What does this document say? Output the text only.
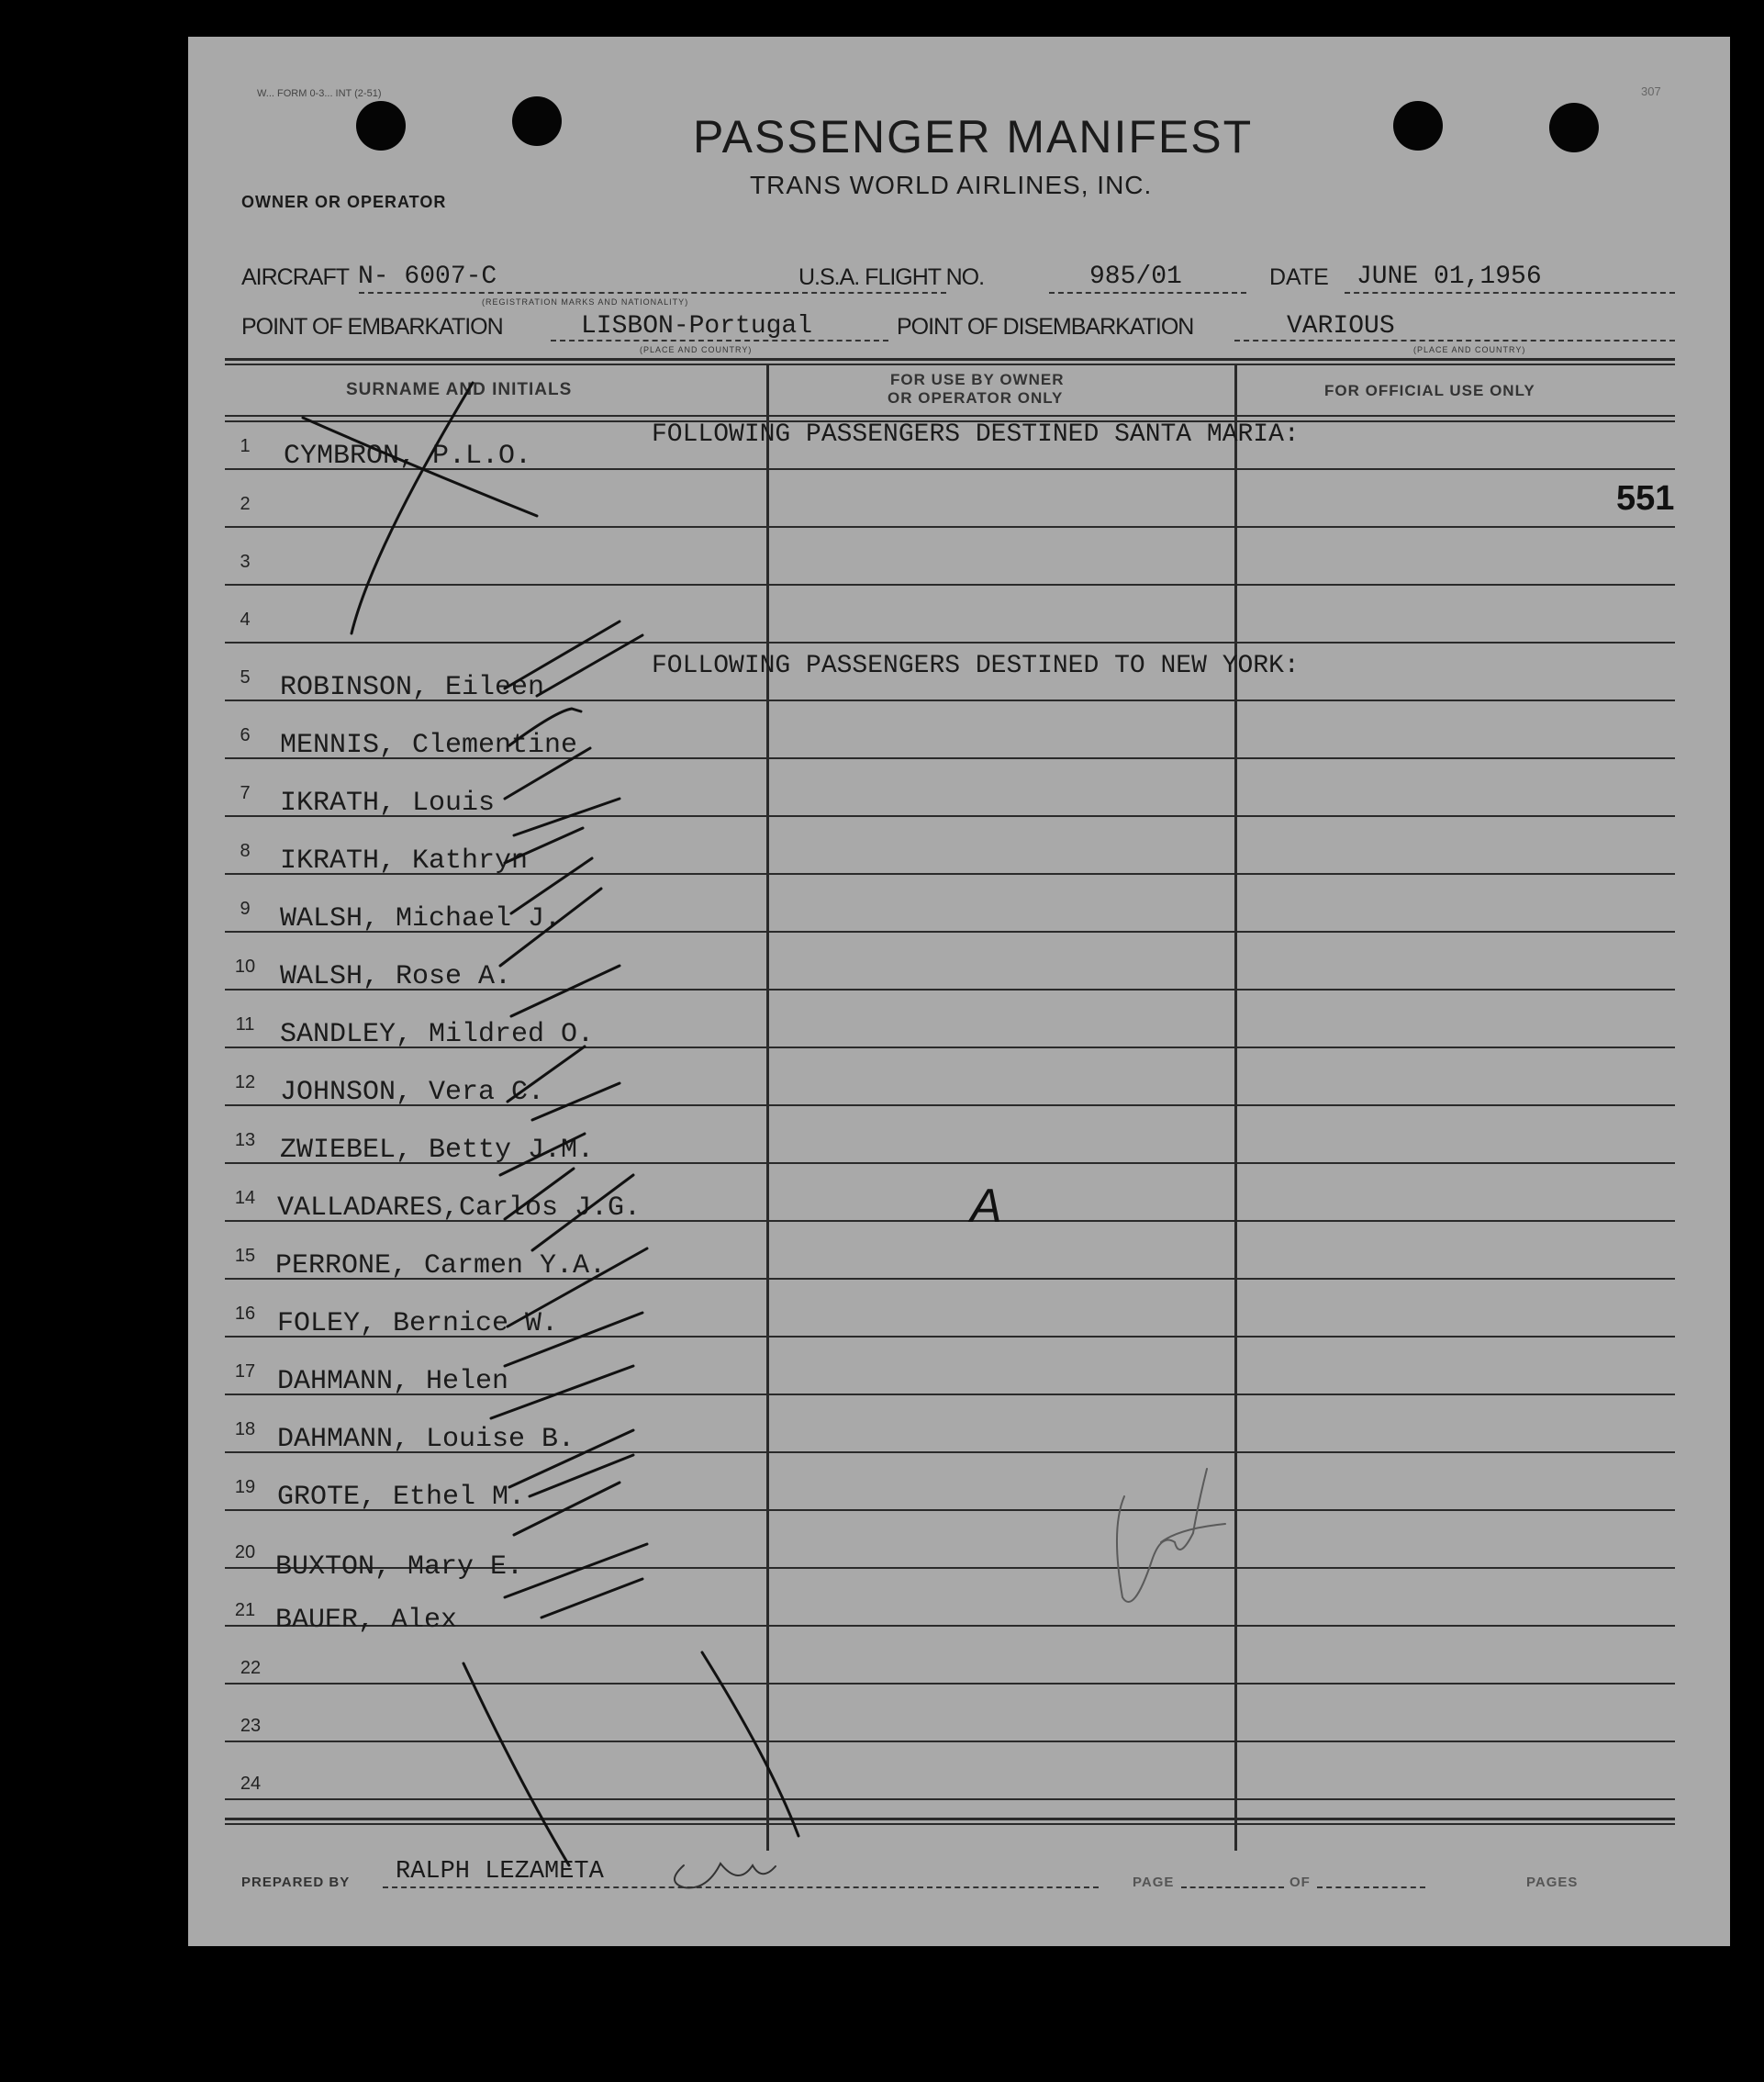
W... FORM 0-3... INT (2-51)	307
OWNER OR OPERATOR
PASSENGER MANIFEST
TRANS WORLD AIRLINES, INC.
AIRCRAFT N- 6007-C
(REGISTRATION MARKS AND NATIONALITY)
U.S.A. FLIGHT NO.	985/01	DATE JUNE 01,1956
POINT OF EMBARKATION	LISBON-Portugal
(PLACE AND COUNTRY)
POINT OF DISEMBARKATION	VARIOUS
(PLACE AND COUNTRY)
SURNAME AND INITIALS
FOR USE BY OWNER
OR OPERATOR ONLY	FOR OFFICIAL USE ONLY
1	CYMBRON, P.L.O.
2
3
4
5	ROBINSON, Eileen
6	MENNIS, Clementine
7	IKRATH, Louis
8	IKRATH, Kathryn
9	WALSH, Michael J.
10 WALSH, Rose A.
11 SANDLEY, Mildred O.
12 JOHNSON, Vera C.
13 ZWIEBEL, Betty J.M.
14 VALLADARES,Carlos J.G.
15 PERRONE, Carmen Y.A.
16 FOLEY, Bernice W.
17 DAHMANN, Helen
18 DAHMANN, Louise B.
19 GROTE, Ethel M.
20 BUXTON, Mary E.
21 BAUER, Alex
22
23
24
FOLLOWING PASSENGERS DESTINED SANTA MARIA:
FOLLOWING PASSENGERS DESTINED TO NEW YORK:
551
A
PREPARED BY RALPH LEZAMETA	PAGE	OF	PAGES
